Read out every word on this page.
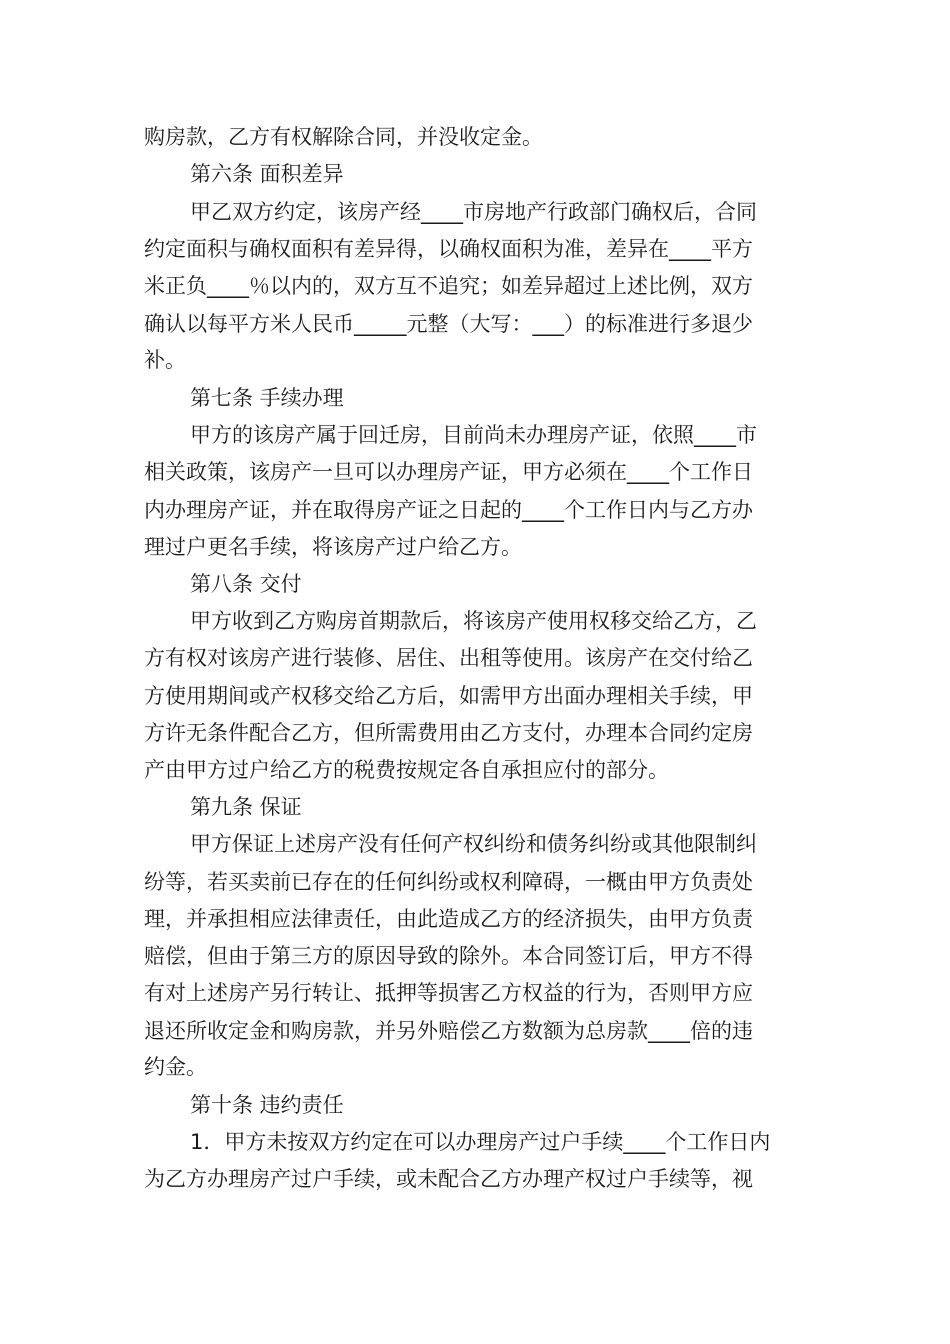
购房款，乙方有权解除合同，并没收定金。
第六条 面积差异
甲乙双方约定，该房产经____市房地产行政部门确权后，合同
约定面积与确权面积有差异得，以确权面积为准，差异在____平方
米正负____％以内的，双方互不追究；如差异超过上述比例，双方
确认以每平方米人民币_____元整（大写：___）的标准进行多退少
补。
第七条 手续办理
甲方的该房产属于回迁房，目前尚未办理房产证，依照____市
相关政策，该房产一旦可以办理房产证，甲方必须在____个工作日
内办理房产证，并在取得房产证之日起的____个工作日内与乙方办
理过户更名手续，将该房产过户给乙方。
第八条 交付
甲方收到乙方购房首期款后，将该房产使用权移交给乙方，乙
方有权对该房产进行装修、居住、出租等使用。该房产在交付给乙
方使用期间或产权移交给乙方后，如需甲方出面办理相关手续，甲
方许无条件配合乙方，但所需费用由乙方支付，办理本合同约定房
产由甲方过户给乙方的税费按规定各自承担应付的部分。
第九条 保证
甲方保证上述房产没有任何产权纠纷和债务纠纷或其他限制纠
纷等，若买卖前已存在的任何纠纷或权利障碍，一概由甲方负责处
理，并承担相应法律责任，由此造成乙方的经济损失，由甲方负责
赔偿，但由于第三方的原因导致的除外。本合同签订后，甲方不得
有对上述房产另行转让、抵押等损害乙方权益的行为，否则甲方应
退还所收定金和购房款，并另外赔偿乙方数额为总房款____倍的违
约金。
第十条 违约责任
1．甲方未按双方约定在可以办理房产过户手续____个工作日内
为乙方办理房产过户手续，或未配合乙方办理产权过户手续等，视
